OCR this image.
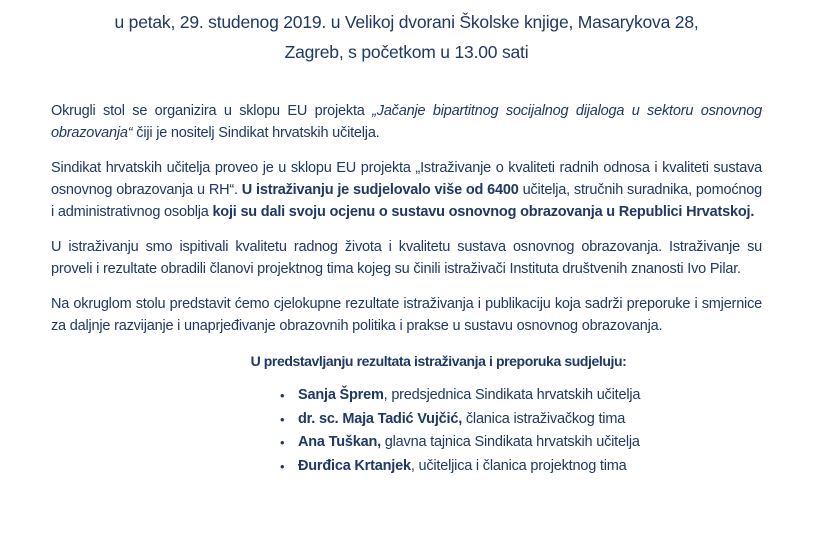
u petak, 29. studenog 2019. u Velikoj dvorani Školske knjige, Masarykova 28,
Zagreb, s početkom u 13.00 sati

Okrugli stol se organizira u sklopu EU projekta „Jačanje bipartitnog socijalnog dijaloga u sektoru osnovnog obrazovanja“ čiji je nositelj Sindikat hrvatskih učitelja.

Sindikat hrvatskih učitelja proveo je u sklopu EU projekta „Istraživanje o kvaliteti radnih odnosa i kvaliteti sustava osnovnog obrazovanja u RH“. U istraživanju je sudjelovalo više od 6400 učitelja, stručnih suradnika, pomoćnog i administrativnog osoblja koji su dali svoju ocjenu o sustavu osnovnog obrazovanja u Republici Hrvatskoj.

U istraživanju smo ispitivali kvalitetu radnog života i kvalitetu sustava osnovnog obrazovanja. Istraživanje su proveli i rezultate obradili članovi projektnog tima kojeg su činili istraživači Instituta društvenih znanosti Ivo Pilar.

Na okruglom stolu predstavit ćemo cjelokupne rezultate istraživanja i publikaciju koja sadrži preporuke i smjernice za daljnje razvijanje i unaprjeđivanje obrazovnih politika i prakse u sustavu osnovnog obrazovanja.

U predstavljanju rezultata istraživanja i preporuka sudjeluju:
• Sanja Šprem, predsjednica Sindikata hrvatskih učitelja
• dr. sc. Maja Tadić Vujčić, članica istraživačkog tima
• Ana Tuškan, glavna tajnica Sindikata hrvatskih učitelja
• Đurđica Krtanjek, učiteljica i članica projektnog tima
